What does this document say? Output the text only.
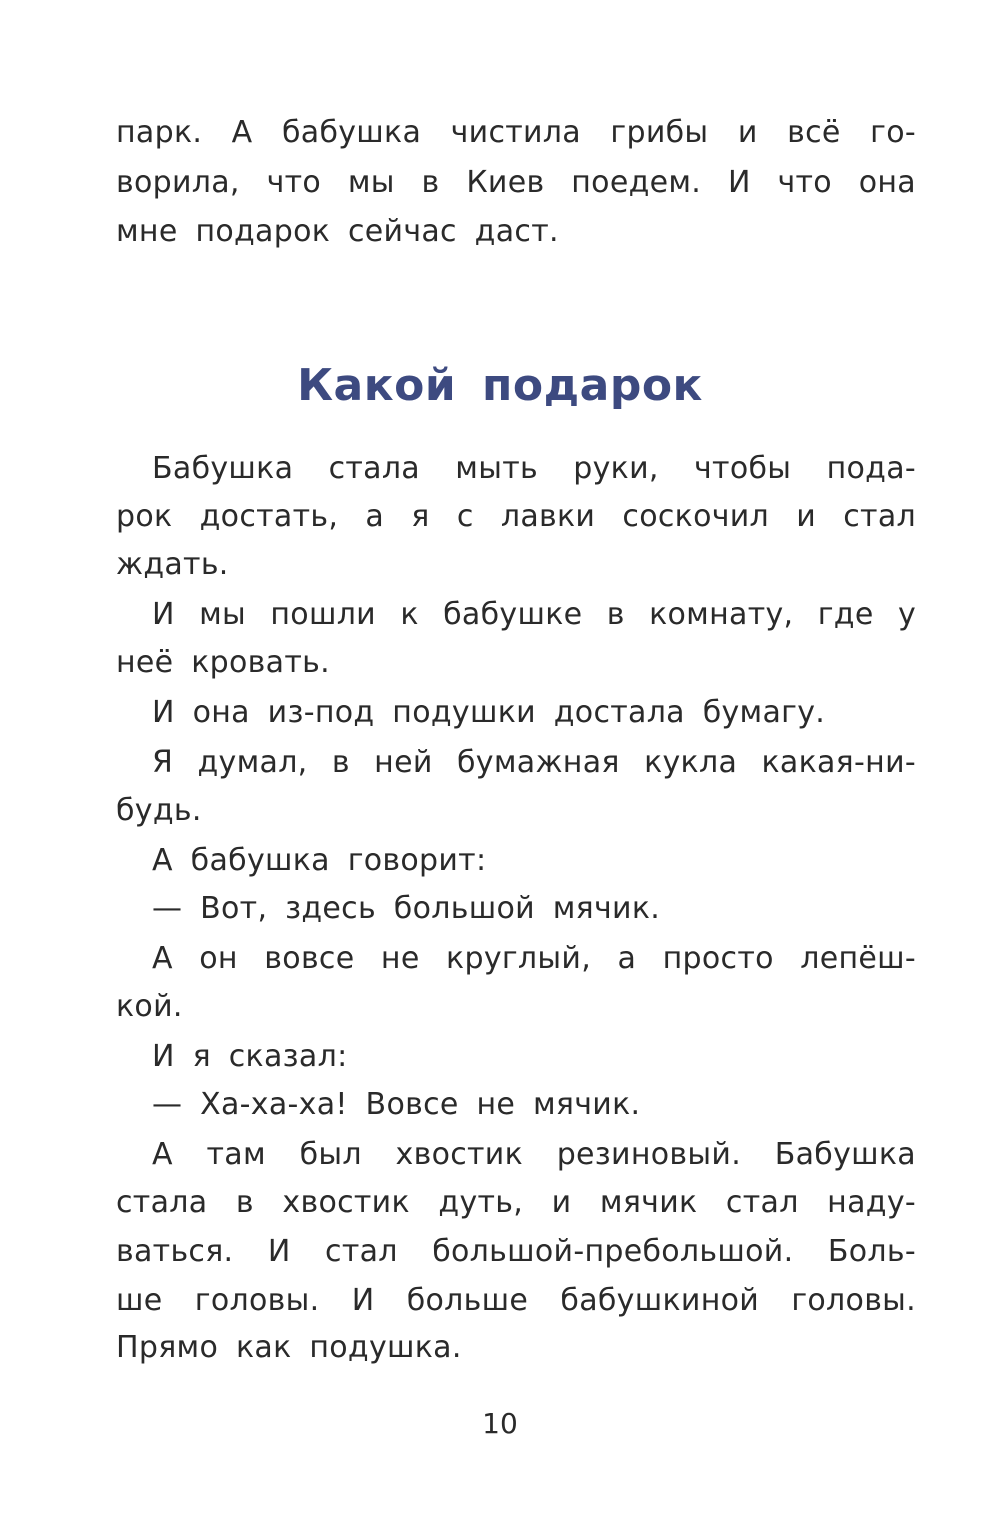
парк. А бабушка чистила грибы и всё го-
ворила, что мы в Киев поедем. И что она
мне подарок сейчас даст.
Какой подарок
Бабушка стала мыть руки, чтобы пода-
рок достать, а я с лавки соскочил и стал
ждать.
И мы пошли к бабушке в комнату, где у
неё кровать.
И она из-под подушки достала бумагу.
Я думал, в ней бумажная кукла какая-ни-
будь.
А бабушка говорит:
— Вот, здесь большой мячик.
А он вовсе не круглый, а просто лепёш-
кой.
И я сказал:
— Ха-ха-ха! Вовсе не мячик.
А там был хвостик резиновый. Бабушка
стала в хвостик дуть, и мячик стал наду-
ваться. И стал большой-пребольшой. Боль-
ше головы. И больше бабушкиной головы.
Прямо как подушка.
10
